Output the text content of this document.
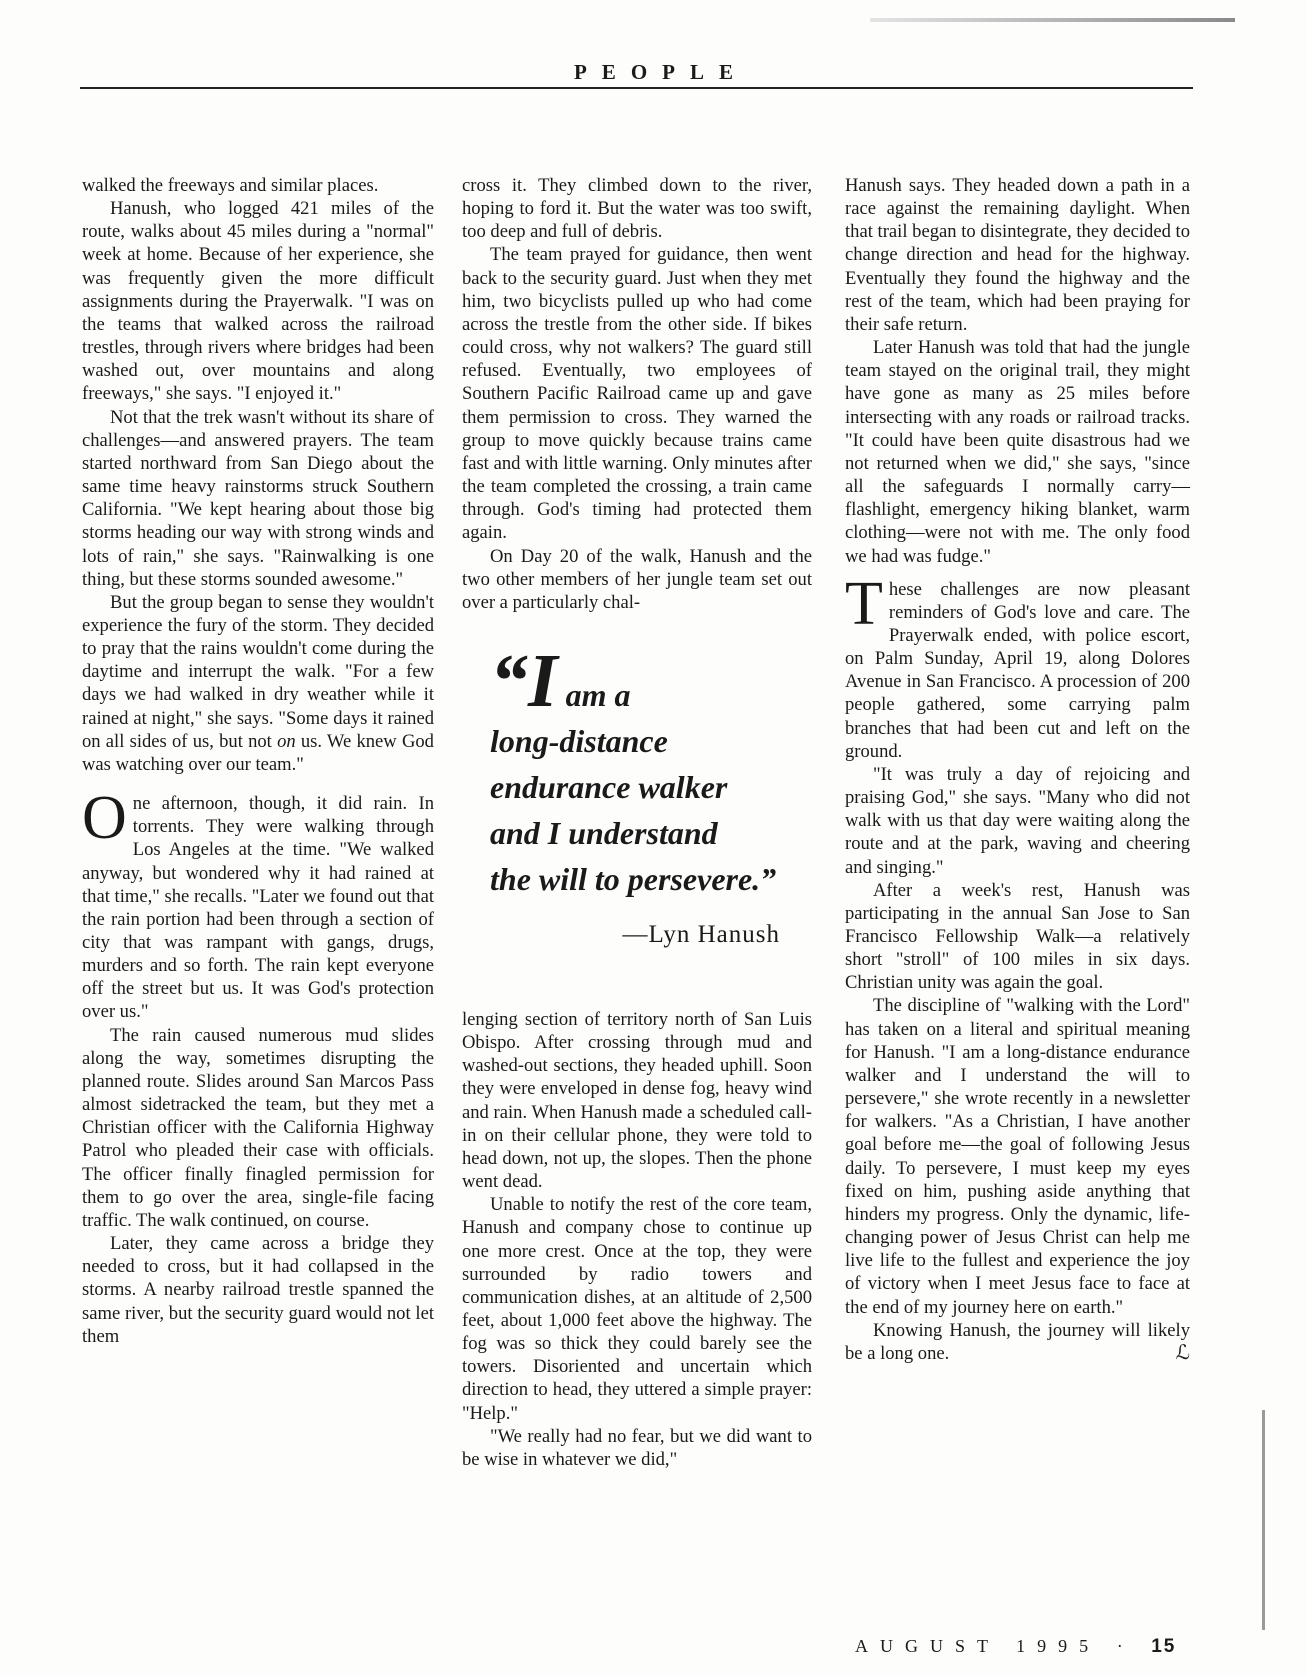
PEOPLE

walked the freeways and similar places.

Hanush, who logged 421 miles of the route, walks about 45 miles during a "normal" week at home. Because of her experience, she was frequently given the more difficult assignments during the Prayerwalk. "I was on the teams that walked across the railroad trestles, through rivers where bridges had been washed out, over mountains and along freeways," she says. "I enjoyed it."

Not that the trek wasn't without its share of challenges—and answered prayers. The team started northward from San Diego about the same time heavy rainstorms struck Southern California. "We kept hearing about those big storms heading our way with strong winds and lots of rain," she says. "Rainwalking is one thing, but these storms sounded awesome."

But the group began to sense they wouldn't experience the fury of the storm. They decided to pray that the rains wouldn't come during the daytime and interrupt the walk. "For a few days we had walked in dry weather while it rained at night," she says. "Some days it rained on all sides of us, but not on us. We knew God was watching over our team."

One afternoon, though, it did rain. In torrents. They were walking through Los Angeles at the time. "We walked anyway, but wondered why it had rained at that time," she recalls. "Later we found out that the rain portion had been through a section of city that was rampant with gangs, drugs, murders and so forth. The rain kept everyone off the street but us. It was God's protection over us."

The rain caused numerous mud slides along the way, sometimes disrupting the planned route. Slides around San Marcos Pass almost sidetracked the team, but they met a Christian officer with the California Highway Patrol who pleaded their case with officials. The officer finally finagled permission for them to go over the area, single-file facing traffic. The walk continued, on course.

Later, they came across a bridge they needed to cross, but it had collapsed in the storms. A nearby railroad trestle spanned the same river, but the security guard would not let them

cross it. They climbed down to the river, hoping to ford it. But the water was too swift, too deep and full of debris.

The team prayed for guidance, then went back to the security guard. Just when they met him, two bicyclists pulled up who had come across the trestle from the other side. If bikes could cross, why not walkers? The guard still refused. Eventually, two employees of Southern Pacific Railroad came up and gave them permission to cross. They warned the group to move quickly because trains came fast and with little warning. Only minutes after the team completed the crossing, a train came through. God's timing had protected them again.

On Day 20 of the walk, Hanush and the two other members of her jungle team set out over a particularly chal-

“I am a
long-distance
endurance walker
and I understand
the will to persevere.”
—Lyn Hanush

lenging section of territory north of San Luis Obispo. After crossing through mud and washed-out sections, they headed uphill. Soon they were enveloped in dense fog, heavy wind and rain. When Hanush made a scheduled call-in on their cellular phone, they were told to head down, not up, the slopes. Then the phone went dead.

Unable to notify the rest of the core team, Hanush and company chose to continue up one more crest. Once at the top, they were surrounded by radio towers and communication dishes, at an altitude of 2,500 feet, about 1,000 feet above the highway. The fog was so thick they could barely see the towers. Disoriented and uncertain which direction to head, they uttered a simple prayer: "Help."

"We really had no fear, but we did want to be wise in whatever we did,"

Hanush says. They headed down a path in a race against the remaining daylight. When that trail began to disintegrate, they decided to change direction and head for the highway. Eventually they found the highway and the rest of the team, which had been praying for their safe return.

Later Hanush was told that had the jungle team stayed on the original trail, they might have gone as many as 25 miles before intersecting with any roads or railroad tracks. "It could have been quite disastrous had we not returned when we did," she says, "since all the safeguards I normally carry—flashlight, emergency hiking blanket, warm clothing—were not with me. The only food we had was fudge."

These challenges are now pleasant reminders of God's love and care. The Prayerwalk ended, with police escort, on Palm Sunday, April 19, along Dolores Avenue in San Francisco. A procession of 200 people gathered, some carrying palm branches that had been cut and left on the ground.

"It was truly a day of rejoicing and praising God," she says. "Many who did not walk with us that day were waiting along the route and at the park, waving and cheering and singing."

After a week's rest, Hanush was participating in the annual San Jose to San Francisco Fellowship Walk—a relatively short "stroll" of 100 miles in six days. Christian unity was again the goal.

The discipline of "walking with the Lord" has taken on a literal and spiritual meaning for Hanush. "I am a long-distance endurance walker and I understand the will to persevere," she wrote recently in a newsletter for walkers. "As a Christian, I have another goal before me—the goal of following Jesus daily. To persevere, I must keep my eyes fixed on him, pushing aside anything that hinders my progress. Only the dynamic, life-changing power of Jesus Christ can help me live life to the fullest and experience the joy of victory when I meet Jesus face to face at the end of my journey here on earth."

Knowing Hanush, the journey will likely be a long one.	ℒ

AUGUST 1995 · 15
